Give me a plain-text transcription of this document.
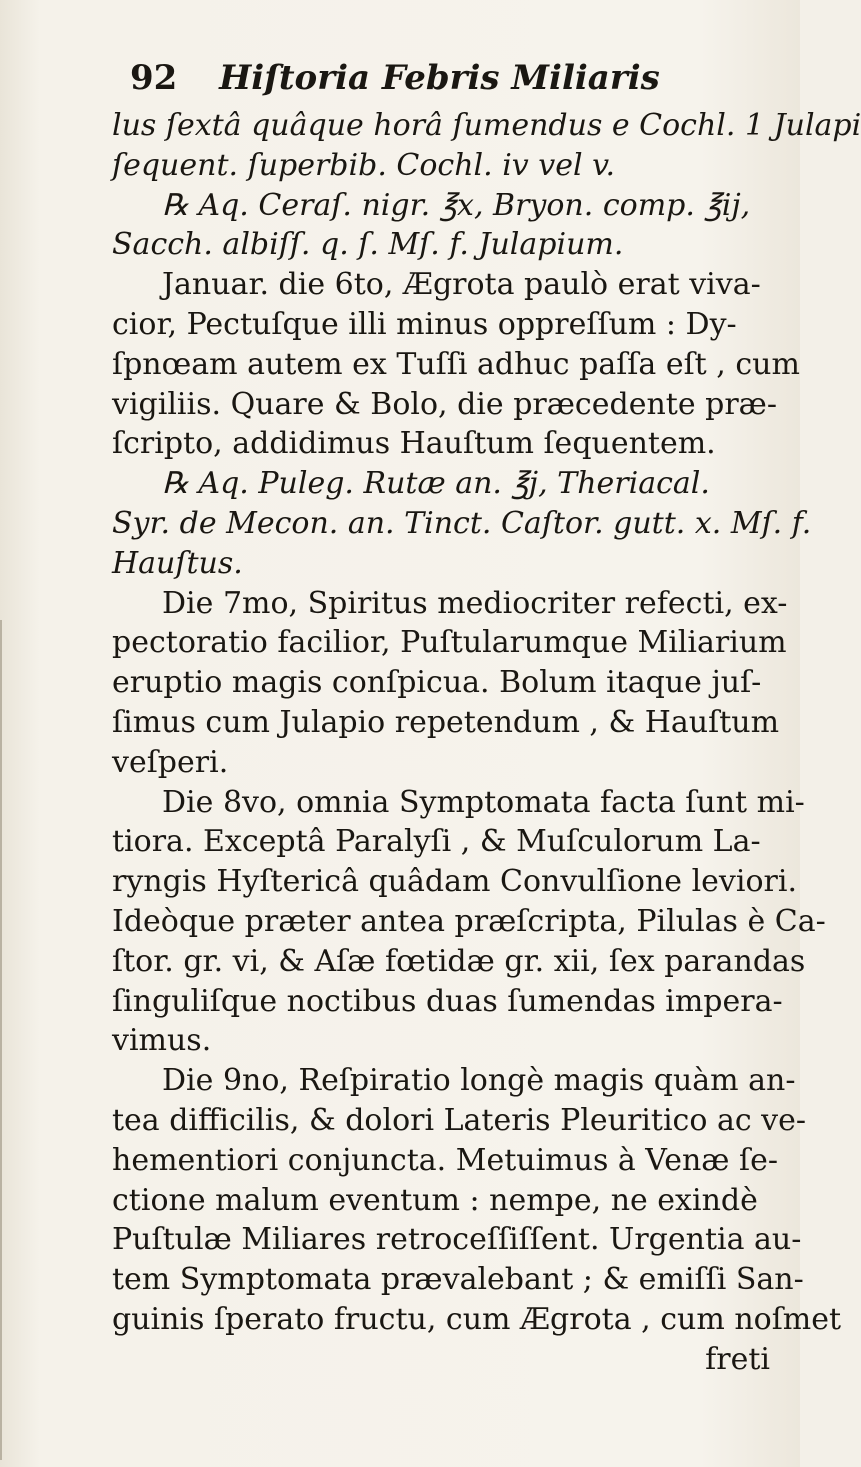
92 Hiſtoria Febris Miliaris
lus ſextâ quâque horâ ſumendus e Cochl. 1 Julapi
ſequent. ſuperbib. Cochl. iv vel v.
℞ Aq. Ceraſ. nigr. ℥x, Bryon. comp. ℥ij,
Sacch. albiſſ. q. ſ. Mſ. f. Julapium.
Januar. die 6to, Ægrota paulò erat viva-
cior, Pectuſque illi minus oppreſſum : Dy-
ſpnœam autem ex Tuſſi adhuc paſſa eſt , cum
vigiliis. Quare & Bolo, die præcedente præ-
ſcripto, addidimus Hauſtum ſequentem.
℞ Aq. Puleg. Rutæ an. ℥j, Theriacal.
Syr. de Mecon. an. Tinct. Caſtor. gutt. x. Mſ. f.
Hauſtus.
Die 7mo, Spiritus mediocriter refecti, ex-
pectoratio facilior, Puſtularumque Miliarium
eruptio magis conſpicua. Bolum itaque juſ-
ſimus cum Julapio repetendum , & Hauſtum
veſperi.
Die 8vo, omnia Symptomata facta ſunt mi-
tiora. Exceptâ Paralyſi , & Muſculorum La-
ryngis Hyſtericâ quâdam Convulſione leviori.
Ideòque præter antea præſcripta, Pilulas è Ca-
ſtor. gr. vi, & Aſæ fœtidæ gr. xii, ſex parandas
ſinguliſque noctibus duas ſumendas impera-
vimus.
Die 9no, Reſpiratio longè magis quàm an-
tea difficilis, & dolori Lateris Pleuritico ac ve-
hementiori conjuncta. Metuimus à Venæ ſe-
ctione malum eventum : nempe, ne exindè
Puſtulæ Miliares retroceſſiſſent. Urgentia au-
tem Symptomata prævalebant ; & emiſſi San-
guinis ſperato fructu, cum Ægrota , cum noſmet
freti
